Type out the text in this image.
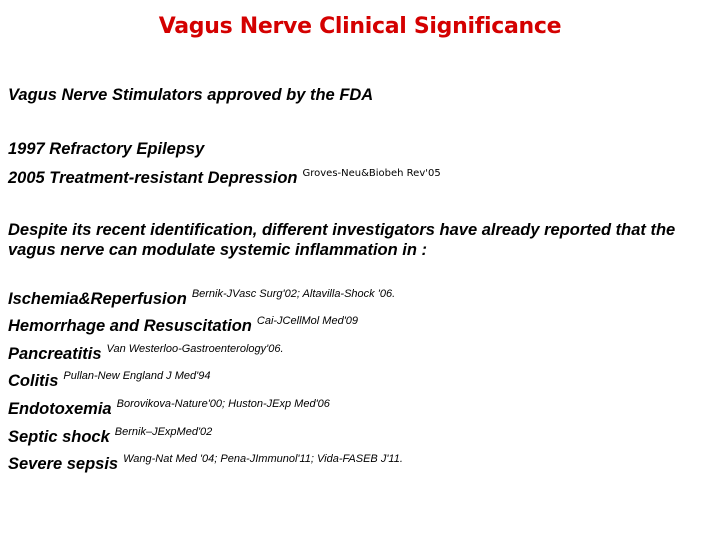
Vagus Nerve Clinical Significance
Vagus Nerve Stimulators approved by the FDA
1997 Refractory Epilepsy
2005 Treatment-resistant Depression $^{Groves-Neu\&Biobeh Rev'05}$
Despite its recent identification, different investigators have already reported that the vagus nerve can modulate systemic inflammation in :
Ischemia&Reperfusion $^{Bernik-JVasc Surg'02; Altavilla-Shock '06.}$
Hemorrhage and Resuscitation $^{Cai-JCellMol Med'09}$
Pancreatitis $^{Van Westerloo-Gastroenterology'06.}$
Colitis $^{Pullan-New England J Med'94}$
Endotoxemia $^{Borovikova-Nature'00; Huston-JExp Med'06}$
Septic shock $^{Bernik-JExpMed'02}$
Severe sepsis $^{Wang-Nat Med '04; Pena-JImmunol'11; Vida-FASEB J'11.}$
